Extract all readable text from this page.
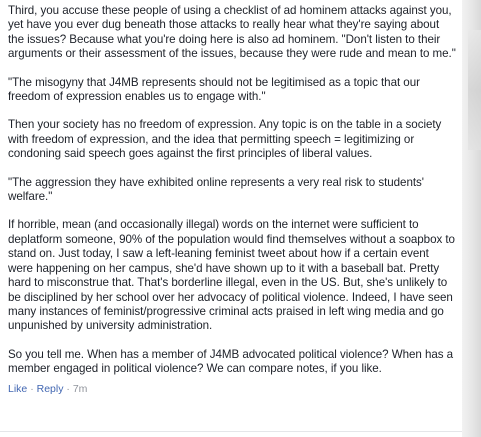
Third, you accuse these people of using a checklist of ad hominem attacks against you, yet have you ever dug beneath those attacks to really hear what they're saying about the issues? Because what you're doing here is also ad hominem. "Don't listen to their arguments or their assessment of the issues, because they were rude and mean to me."

"The misogyny that J4MB represents should not be legitimised as a topic that our freedom of expression enables us to engage with."

Then your society has no freedom of expression. Any topic is on the table in a society with freedom of expression, and the idea that permitting speech = legitimizing or condoning said speech goes against the first principles of liberal values.

"The aggression they have exhibited online represents a very real risk to students' welfare."

If horrible, mean (and occasionally illegal) words on the internet were sufficient to deplatform someone, 90% of the population would find themselves without a soapbox to stand on. Just today, I saw a left-leaning feminist tweet about how if a certain event were happening on her campus, she'd have shown up to it with a baseball bat. Pretty hard to misconstrue that. That's borderline illegal, even in the US. But, she's unlikely to be disciplined by her school over her advocacy of political violence. Indeed, I have seen many instances of feminist/progressive criminal acts praised in left wing media and go unpunished by university administration.

So you tell me. When has a member of J4MB advocated political violence? When has a member engaged in political violence? We can compare notes, if you like.

Like · Reply · 7m
